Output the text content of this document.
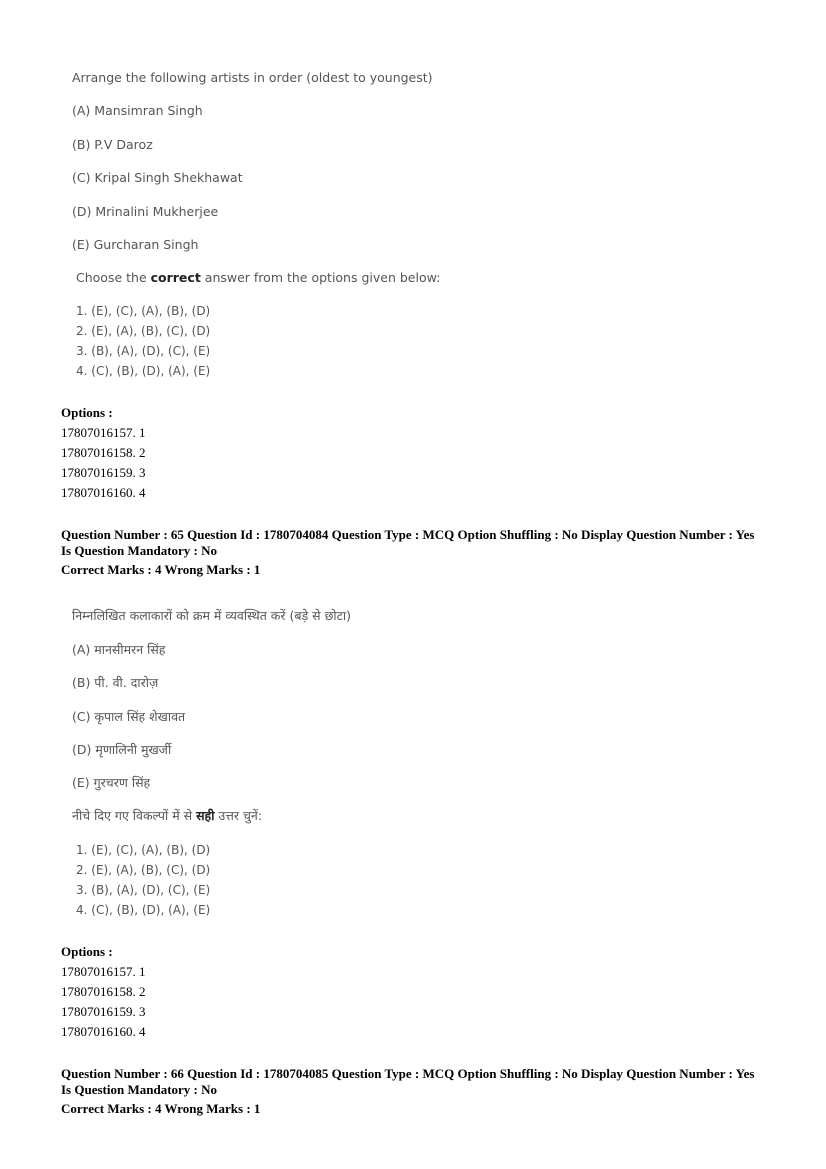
Arrange the following artists in order (oldest to youngest)
(A) Mansimran Singh
(B) P.V Daroz
(C) Kripal Singh Shekhawat
(D) Mrinalini Mukherjee
(E) Gurcharan Singh
Choose the correct answer from the options given below:
1. (E), (C), (A), (B), (D)
2. (E), (A), (B), (C), (D)
3. (B), (A), (D), (C), (E)
4. (C), (B), (D), (A), (E)
Options :
17807016157. 1
17807016158. 2
17807016159. 3
17807016160. 4
Question Number : 65 Question Id : 1780704084 Question Type : MCQ Option Shuffling : No Display Question Number : Yes
Is Question Mandatory : No
Correct Marks : 4 Wrong Marks : 1
निम्नलिखित कलाकारों को क्रम में व्यवस्थित करें (बड़े से छोटा)
(A) मानसीमरन सिंह
(B) पी. वी. दारोज़
(C) कृपाल सिंह शेखावत
(D) मृणालिनी मुखर्जी
(E) गुरचरण सिंह
नीचे दिए गए विकल्पों में से सही उत्तर चुनें:
1. (E), (C), (A), (B), (D)
2. (E), (A), (B), (C), (D)
3. (B), (A), (D), (C), (E)
4. (C), (B), (D), (A), (E)
Options :
17807016157. 1
17807016158. 2
17807016159. 3
17807016160. 4
Question Number : 66 Question Id : 1780704085 Question Type : MCQ Option Shuffling : No Display Question Number : Yes
Is Question Mandatory : No
Correct Marks : 4 Wrong Marks : 1
